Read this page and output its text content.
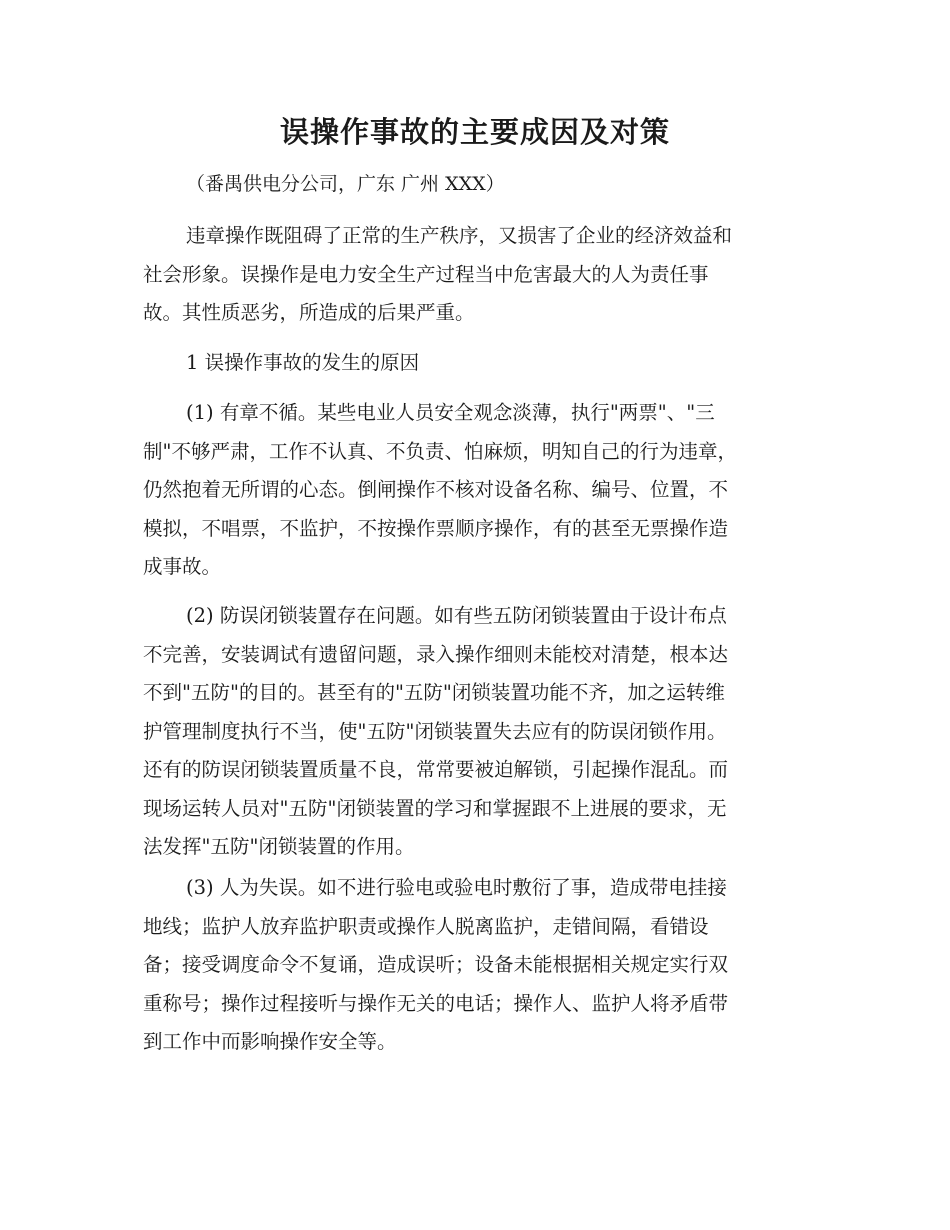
误操作事故的主要成因及对策
（番禺供电分公司，广东 广州 XXX）
违章操作既阻碍了正常的生产秩序，又损害了企业的经济效益和
社会形象。误操作是电力安全生产过程当中危害最大的人为责任事
故。其性质恶劣，所造成的后果严重。
1 误操作事故的发生的原因
(1) 有章不循。某些电业人员安全观念淡薄，执行"两票"、"三
制"不够严肃，工作不认真、不负责、怕麻烦，明知自己的行为违章，
仍然抱着无所谓的心态。倒闸操作不核对设备名称、编号、位置，不
模拟，不唱票，不监护，不按操作票顺序操作，有的甚至无票操作造
成事故。
(2) 防误闭锁装置存在问题。如有些五防闭锁装置由于设计布点
不完善，安装调试有遗留问题，录入操作细则未能校对清楚，根本达
不到"五防"的目的。甚至有的"五防"闭锁装置功能不齐，加之运转维
护管理制度执行不当，使"五防"闭锁装置失去应有的防误闭锁作用。
还有的防误闭锁装置质量不良，常常要被迫解锁，引起操作混乱。而
现场运转人员对"五防"闭锁装置的学习和掌握跟不上进展的要求，无
法发挥"五防"闭锁装置的作用。
(3) 人为失误。如不进行验电或验电时敷衍了事，造成带电挂接
地线；监护人放弃监护职责或操作人脱离监护，走错间隔，看错设
备；接受调度命令不复诵，造成误听；设备未能根据相关规定实行双
重称号；操作过程接听与操作无关的电话；操作人、监护人将矛盾带
到工作中而影响操作安全等。
